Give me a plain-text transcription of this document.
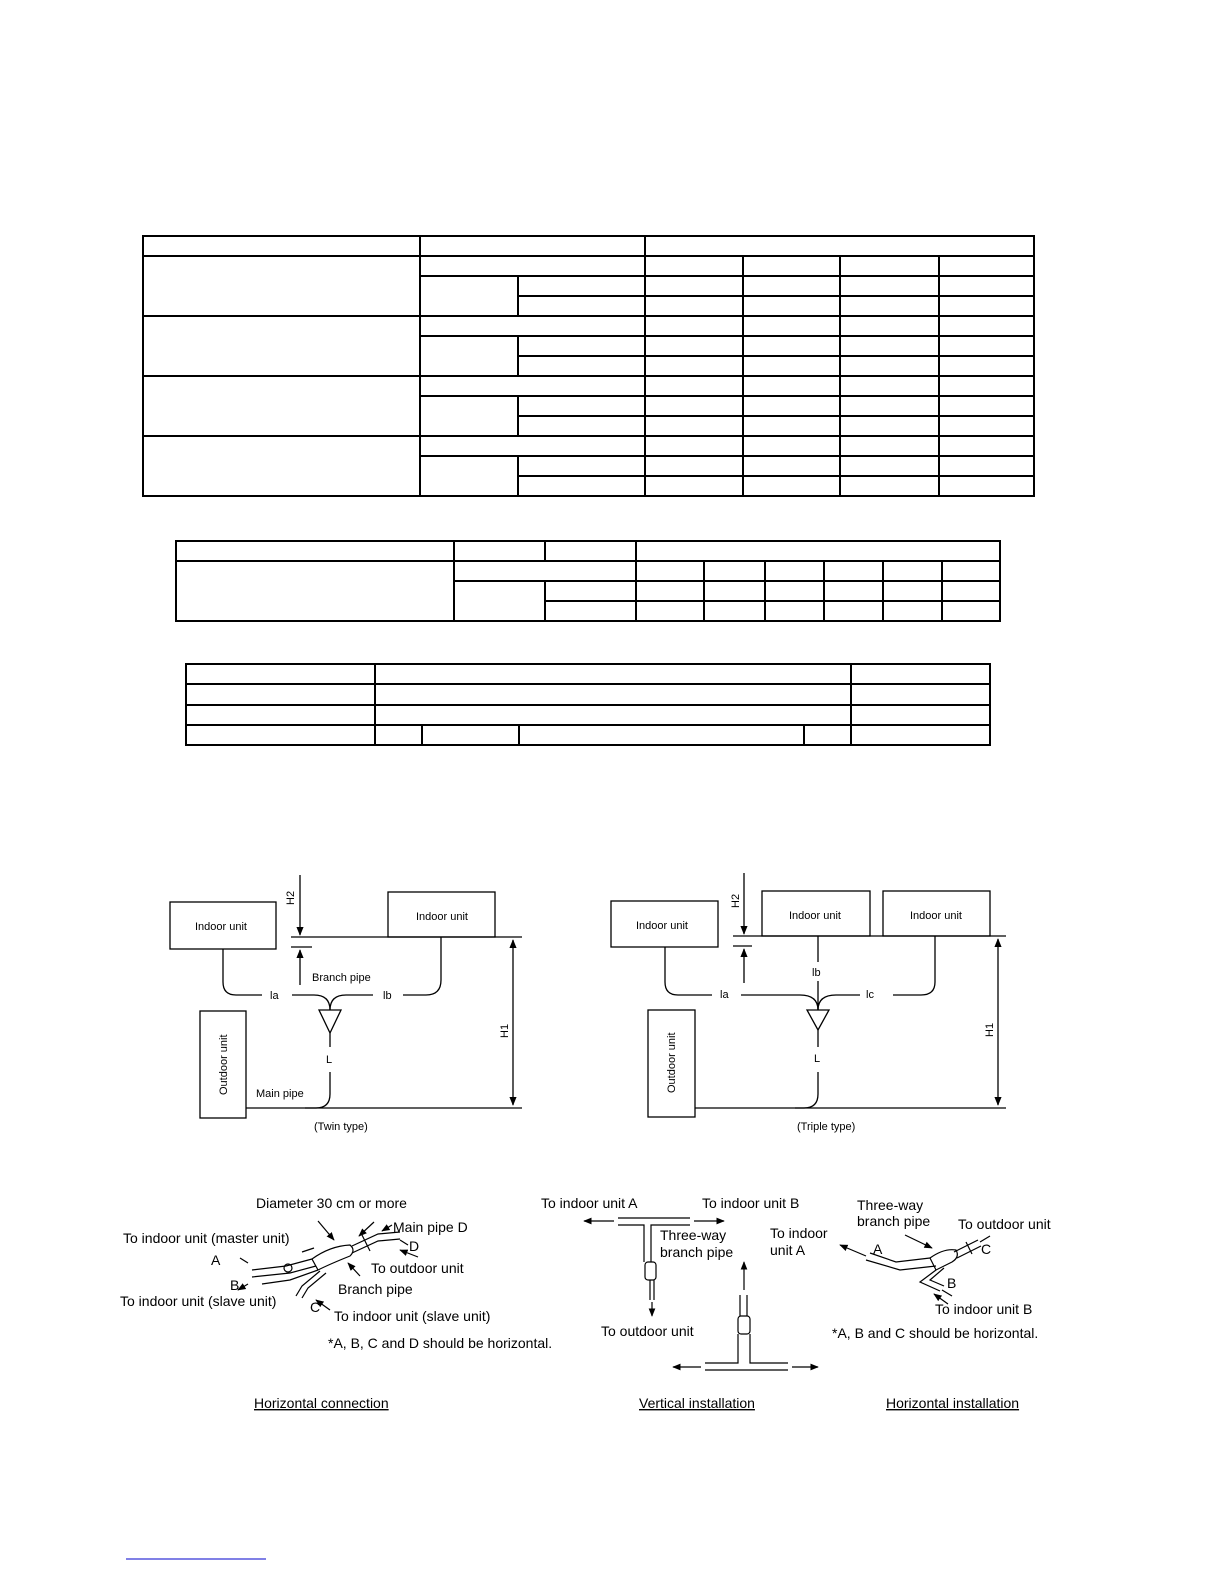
Indoor unit
Indoor unit
Outdoor unit
H2
H1
Branch pipe
la	lb
L
Main pipe
(Twin type)
Indoor unit
Indoor unit	Indoor unit
Outdoor unit
H2
H1
la
lb
lc
L
(Triple type)
Diameter 30 cm or more
Main pipe D
To indoor unit (master unit)	D
A	To outdoor unit
B	Branch pipe
To indoor unit (slave unit) C
To indoor unit (slave unit)
*A, B, C and D should be horizontal.
Horizontal connection
To indoor unit A	To indoor unit B
Three-way
branch pipe
To outdoor unit
Vertical installation
To indoor
unit A
Three-way
branch pipe To outdoor unit
A	C
B
To indoor unit B
*A, B and C should be horizontal.
Horizontal installation
